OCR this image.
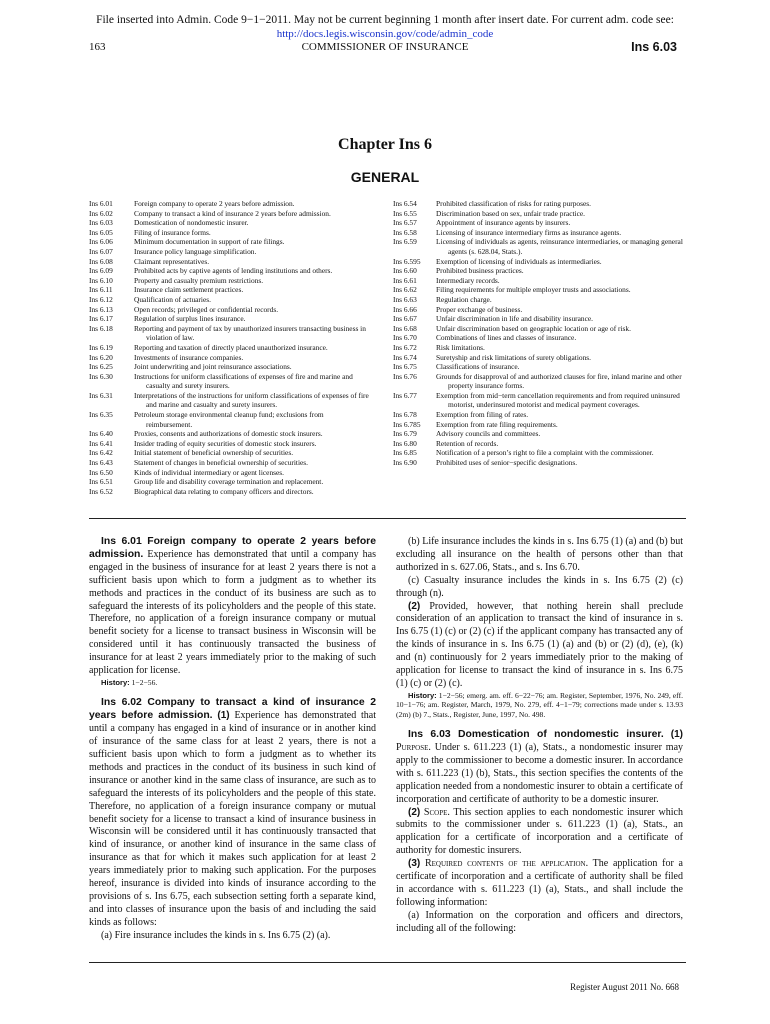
File inserted into Admin. Code 9−1−2011. May not be current beginning 1 month after insert date. For current adm. code see:
http://docs.legis.wisconsin.gov/code/admin_code
163	COMMISSIONER OF INSURANCE	Ins 6.03
Chapter Ins 6
GENERAL
Ins 6.01	Foreign company to operate 2 years before admission.
Ins 6.02	Company to transact a kind of insurance 2 years before admission.
Ins 6.03	Domestication of nondomestic insurer.
Ins 6.05	Filing of insurance forms.
Ins 6.06	Minimum documentation in support of rate filings.
Ins 6.07	Insurance policy language simplification.
Ins 6.08	Claimant representatives.
Ins 6.09	Prohibited acts by captive agents of lending institutions and others.
Ins 6.10	Property and casualty premium restrictions.
Ins 6.11	Insurance claim settlement practices.
Ins 6.12	Qualification of actuaries.
Ins 6.13	Open records; privileged or confidential records.
Ins 6.17	Regulation of surplus lines insurance.
Ins 6.18	Reporting and payment of tax by unauthorized insurers transacting business in violation of law.
Ins 6.19	Reporting and taxation of directly placed unauthorized insurance.
Ins 6.20	Investments of insurance companies.
Ins 6.25	Joint underwriting and joint reinsurance associations.
Ins 6.30	Instructions for uniform classifications of expenses of fire and marine and casualty and surety insurers.
Ins 6.31	Interpretations of the instructions for uniform classifications of expenses of fire and marine and casualty and surety insurers.
Ins 6.35	Petroleum storage environmental cleanup fund; exclusions from reimbursement.
Ins 6.40	Proxies, consents and authorizations of domestic stock insurers.
Ins 6.41	Insider trading of equity securities of domestic stock insurers.
Ins 6.42	Initial statement of beneficial ownership of securities.
Ins 6.43	Statement of changes in beneficial ownership of securities.
Ins 6.50	Kinds of individual intermediary or agent licenses.
Ins 6.51	Group life and disability coverage termination and replacement.
Ins 6.52	Biographical data relating to company officers and directors.
Ins 6.54	Prohibited classification of risks for rating purposes.
Ins 6.55	Discrimination based on sex, unfair trade practice.
Ins 6.57	Appointment of insurance agents by insurers.
Ins 6.58	Licensing of insurance intermediary firms as insurance agents.
Ins 6.59	Licensing of individuals as agents, reinsurance intermediaries, or managing general agents (s. 628.04, Stats.).
Ins 6.595	Exemption of licensing of individuals as intermediaries.
Ins 6.60	Prohibited business practices.
Ins 6.61	Intermediary records.
Ins 6.62	Filing requirements for multiple employer trusts and associations.
Ins 6.63	Regulation charge.
Ins 6.66	Proper exchange of business.
Ins 6.67	Unfair discrimination in life and disability insurance.
Ins 6.68	Unfair discrimination based on geographic location or age of risk.
Ins 6.70	Combinations of lines and classes of insurance.
Ins 6.72	Risk limitations.
Ins 6.74	Suretyship and risk limitations of surety obligations.
Ins 6.75	Classifications of insurance.
Ins 6.76	Grounds for disapproval of and authorized clauses for fire, inland marine and other property insurance forms.
Ins 6.77	Exemption from mid−term cancellation requirements and from required uninsured motorist, underinsured motorist and medical payment coverages.
Ins 6.78	Exemption from filing of rates.
Ins 6.785	Exemption from rate filing requirements.
Ins 6.79	Advisory councils and committees.
Ins 6.80	Retention of records.
Ins 6.85	Notification of a person’s right to file a complaint with the commissioner.
Ins 6.90	Prohibited uses of senior−specific designations.

Ins 6.01 Foreign company to operate 2 years before admission. Experience has demonstrated that until a company has engaged in the business of insurance for at least 2 years there is not a sufficient basis upon which to form a judgment as to whether its methods and practices in the conduct of its business are such as to safeguard the interests of its policyholders and the people of this state. Therefore, no application of a foreign insurance company or mutual benefit society for a license to transact business in Wisconsin will be considered until it has continuously transacted the business of insurance for at least 2 years immediately prior to the making of such application for license.

History: 1−2−56.

Ins 6.02 Company to transact a kind of insurance 2 years before admission. (1) Experience has demonstrated that until a company has engaged in a kind of insurance or in another kind of insurance of the same class for at least 2 years, there is not a sufficient basis upon which to form a judgment as to whether its methods and practices in the conduct of its business in such kind of insurance or another kind in the same class of insurance, are such as to safeguard the interests of its policyholders and the people of this state. Therefore, no application of a foreign insurance company or mutual benefit society for a license to transact a kind of insurance business in Wisconsin will be considered until it has continuously transacted that kind of insurance, or another kind of insurance in the same class of insurance as that for which it makes such application for at least 2 years immediately prior to making such application. For the purposes hereof, insurance is divided into kinds of insurance according to the provisions of s. Ins 6.75, each subsection setting forth a separate kind, and into classes of insurance upon the basis of and including the said kinds as follows:

(a) Fire insurance includes the kinds in s. Ins 6.75 (2) (a).

(b) Life insurance includes the kinds in s. Ins 6.75 (1) (a) and (b) but excluding all insurance on the health of persons other than that authorized in s. 627.06, Stats., and s. Ins 6.70.

(c) Casualty insurance includes the kinds in s. Ins 6.75 (2) (c) through (n).

(2) Provided, however, that nothing herein shall preclude consideration of an application to transact the kind of insurance in s. Ins 6.75 (1) (c) or (2) (c) if the applicant company has transacted any of the kinds of insurance in s. Ins 6.75 (1) (a) and (b) or (2) (d), (e), (k) and (n) continuously for 2 years immediately prior to the making of application for license to transact the kind of insurance in s. Ins 6.75 (1) (c) or (2) (c).

History: 1−2−56; emerg. am. eff. 6−22−76; am. Register, September, 1976, No. 249, eff. 10−1−76; am. Register, March, 1979, No. 279, eff. 4−1−79; corrections made under s. 13.93 (2m) (b) 7., Stats., Register, June, 1997, No. 498.

Ins 6.03 Domestication of nondomestic insurer. (1) Purpose. Under s. 611.223 (1) (a), Stats., a nondomestic insurer may apply to the commissioner to become a domestic insurer. In accordance with s. 611.223 (1) (b), Stats., this section specifies the contents of the application needed from a nondomestic insurer to obtain a certificate of incorporation and certificate of authority to be a domestic insurer.

(2) Scope. This section applies to each nondomestic insurer which submits to the commissioner under s. 611.223 (1) (a), Stats., an application for a certificate of incorporation and a certificate of authority for domestic insurers.

(3) Required contents of the application. The application for a certificate of incorporation and a certificate of authority shall be filed in accordance with s. 611.223 (1) (a), Stats., and shall include the following information:

(a) Information on the corporation and officers and directors, including all of the following:

Register August 2011 No. 668
